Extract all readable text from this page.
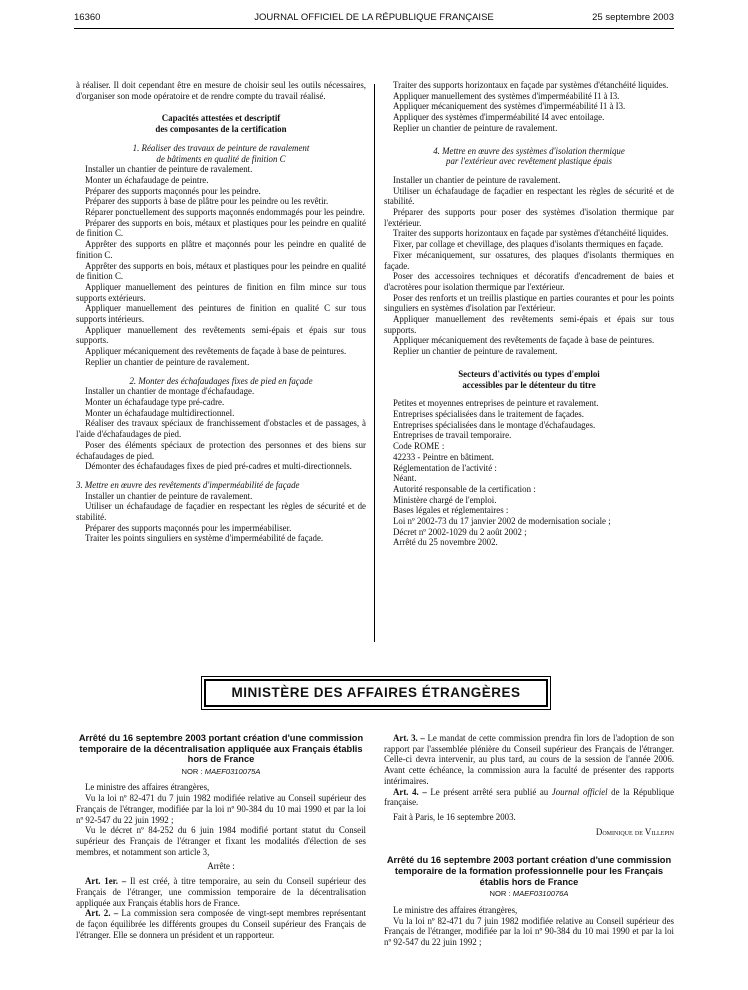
16360	JOURNAL OFFICIEL DE LA RÉPUBLIQUE FRANÇAISE	25 septembre 2003

à réaliser. Il doit cependant être en mesure de choisir seul les outils nécessaires, d'organiser son mode opératoire et de rendre compte du travail réalisé.

Capacités attestées et descriptif

des composantes de la certification

1. Réaliser des travaux de peinture de ravalement

de bâtiments en qualité de finition C

Installer un chantier de peinture de ravalement.

Monter un échafaudage de peintre.

Préparer des supports maçonnés pour les peindre.

Préparer des supports à base de plâtre pour les peindre ou les revêtir.

Réparer ponctuellement des supports maçonnés endommagés pour les peindre.

Préparer des supports en bois, métaux et plastiques pour les peindre en qualité de finition C.

Apprêter des supports en plâtre et maçonnés pour les peindre en qualité de finition C.

Apprêter des supports en bois, métaux et plastiques pour les peindre en qualité de finition C.

Appliquer manuellement des peintures de finition en film mince sur tous supports extérieurs.

Appliquer manuellement des peintures de finition en qualité C sur tous supports intérieurs.

Appliquer manuellement des revêtements semi-épais et épais sur tous supports.

Appliquer mécaniquement des revêtements de façade à base de peintures.

Replier un chantier de peinture de ravalement.

2. Monter des échafaudages fixes de pied en façade

Installer un chantier de montage d'échafaudage.

Monter un échafaudage type pré-cadre.

Monter un échafaudage multidirectionnel.

Réaliser des travaux spéciaux de franchissement d'obstacles et de passages, à l'aide d'échafaudages de pied.

Poser des éléments spéciaux de protection des personnes et des biens sur échafaudages de pied.

Démonter des échafaudages fixes de pied pré-cadres et multi-directionnels.

3. Mettre en œuvre des revêtements d'imperméabilité de façade

Installer un chantier de peinture de ravalement.

Utiliser un échafaudage de façadier en respectant les règles de sécurité et de stabilité.

Préparer des supports maçonnés pour les imperméabiliser.

Traiter les points singuliers en système d'imperméabilité de façade.

Traiter des supports horizontaux en façade par systèmes d'étanchéité liquides.

Appliquer manuellement des systèmes d'imperméabilité I1 à I3.

Appliquer mécaniquement des systèmes d'imperméabilité I1 à I3.

Appliquer des systèmes d'imperméabilité I4 avec entoilage.

Replier un chantier de peinture de ravalement.

4. Mettre en œuvre des systèmes d'isolation thermique

par l'extérieur avec revêtement plastique épais

Installer un chantier de peinture de ravalement.

Utiliser un échafaudage de façadier en respectant les règles de sécurité et de stabilité.

Préparer des supports pour poser des systèmes d'isolation thermique par l'extérieur.

Traiter des supports horizontaux en façade par systèmes d'étanchéité liquides.

Fixer, par collage et chevillage, des plaques d'isolants thermiques en façade.

Fixer mécaniquement, sur ossatures, des plaques d'isolants thermiques en façade.

Poser des accessoires techniques et décoratifs d'encadrement de baies et d'acrotères pour isolation thermique par l'extérieur.

Poser des renforts et un treillis plastique en parties courantes et pour les points singuliers en systèmes d'isolation par l'extérieur.

Appliquer manuellement des revêtements semi-épais et épais sur tous supports.

Appliquer mécaniquement des revêtements de façade à base de peintures.

Replier un chantier de peinture de ravalement.

Secteurs d'activités ou types d'emploi

accessibles par le détenteur du titre

Petites et moyennes entreprises de peinture et ravalement.

Entreprises spécialisées dans le traitement de façades.

Entreprises spécialisées dans le montage d'échafaudages.

Entreprises de travail temporaire.

Code ROME :

42233 - Peintre en bâtiment.

Réglementation de l'activité :

Néant.

Autorité responsable de la certification :

Ministère chargé de l'emploi.

Bases légales et réglementaires :

Loi nº 2002-73 du 17 janvier 2002 de modernisation sociale ;

Décret nº 2002-1029 du 2 août 2002 ;

Arrêté du 25 novembre 2002.

MINISTÈRE DES AFFAIRES ÉTRANGÈRES

Arrêté du 16 septembre 2003 portant création d'une commission temporaire de la décentralisation appliquée aux Français établis hors de France

NOR : MAEF0310075A

Le ministre des affaires étrangères,

Vu la loi nº 82-471 du 7 juin 1982 modifiée relative au Conseil supérieur des Français de l'étranger, modifiée par la loi nº 90-384 du 10 mai 1990 et par la loi nº 92-547 du 22 juin 1992 ;

Vu le décret nº 84-252 du 6 juin 1984 modifié portant statut du Conseil supérieur des Français de l'étranger et fixant les modalités d'élection de ses membres, et notamment son article 3,

Arrête :

Art. 1er. – Il est créé, à titre temporaire, au sein du Conseil supérieur des Français de l'étranger, une commission temporaire de la décentralisation appliquée aux Français établis hors de France.

Art. 2. – La commission sera composée de vingt-sept membres représentant de façon équilibrée les différents groupes du Conseil supérieur des Français de l'étranger. Elle se donnera un président et un rapporteur.

Art. 3. – Le mandat de cette commission prendra fin lors de l'adoption de son rapport par l'assemblée plénière du Conseil supérieur des Français de l'étranger. Celle-ci devra intervenir, au plus tard, au cours de la session de l'année 2006. Avant cette échéance, la commission aura la faculté de présenter des rapports intérimaires.

Art. 4. – Le présent arrêté sera publié au Journal officiel de la République française.

Fait à Paris, le 16 septembre 2003.

Dominique de Villepin

Arrêté du 16 septembre 2003 portant création d'une commission temporaire de la formation professionnelle pour les Français établis hors de France

NOR : MAEF0310076A

Le ministre des affaires étrangères,

Vu la loi nº 82-471 du 7 juin 1982 modifiée relative au Conseil supérieur des Français de l'étranger, modifiée par la loi nº 90-384 du 10 mai 1990 et par la loi nº 92-547 du 22 juin 1992 ;
